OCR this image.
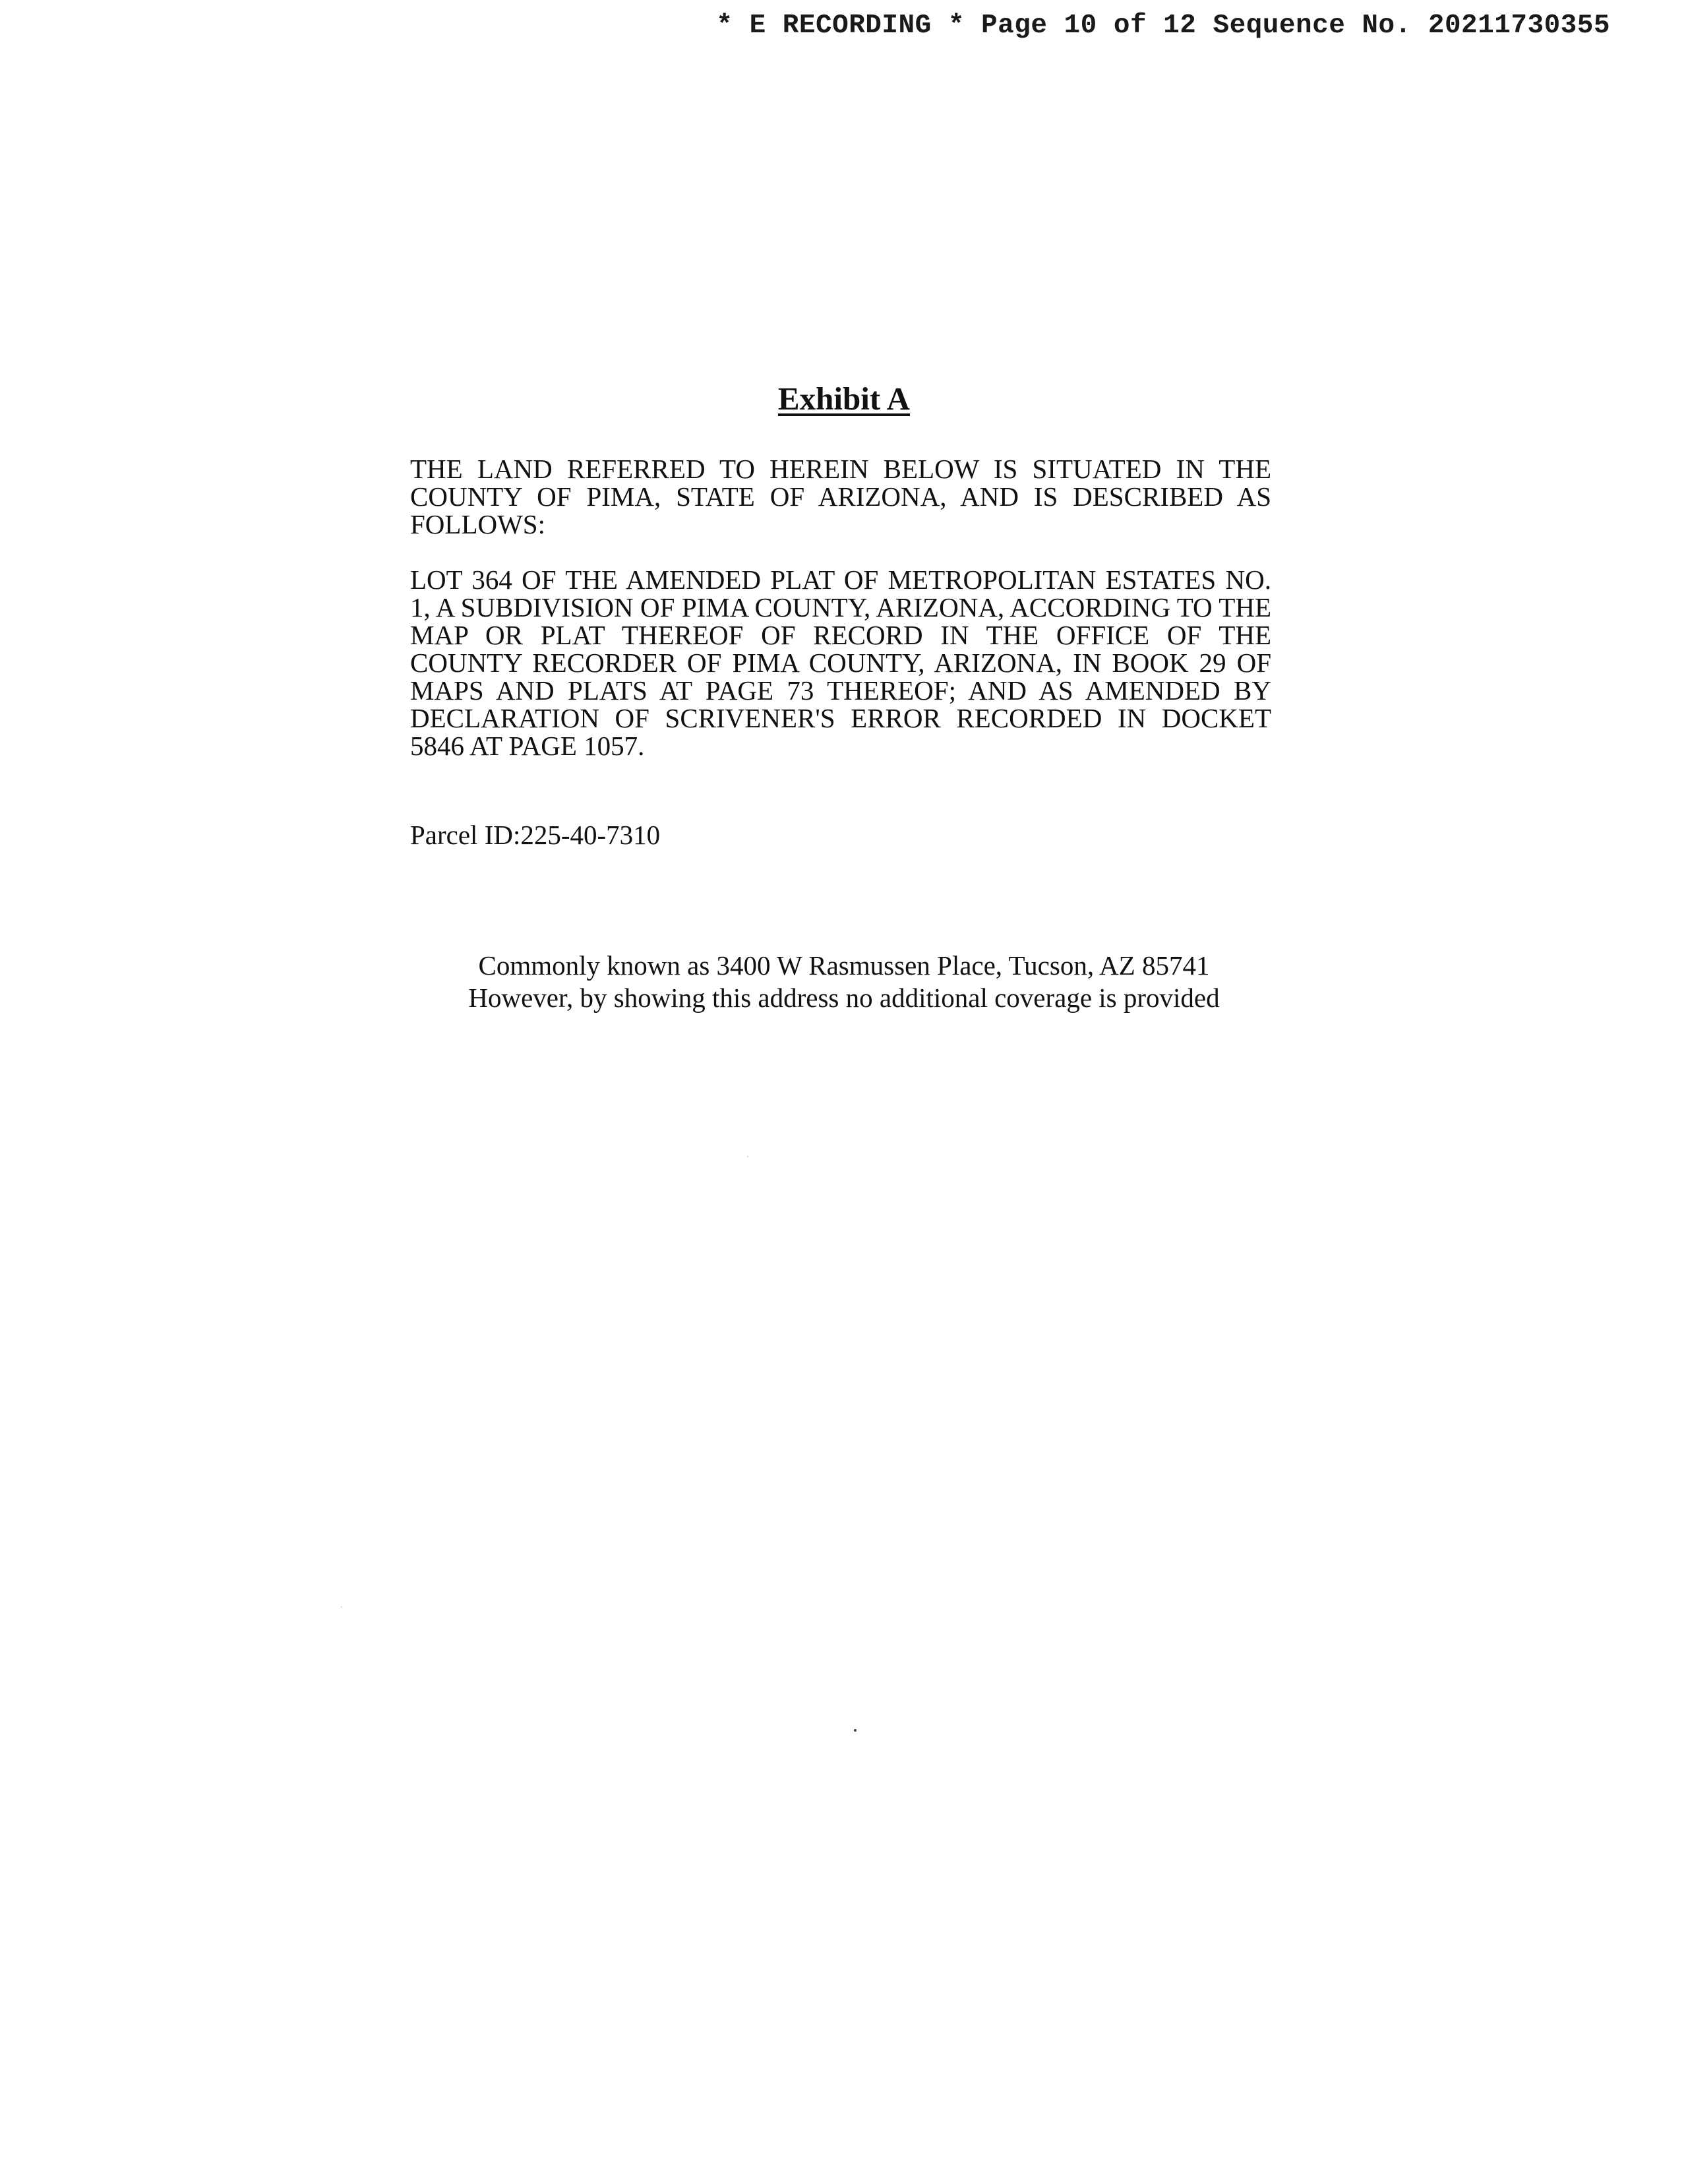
* E RECORDING * Page 10 of 12 Sequence No. 20211730355
Exhibit A
THE LAND REFERRED TO HEREIN BELOW IS SITUATED IN THE COUNTY OF PIMA, STATE OF ARIZONA, AND IS DESCRIBED AS FOLLOWS:
LOT 364 OF THE AMENDED PLAT OF METROPOLITAN ESTATES NO. 1, A SUBDIVISION OF PIMA COUNTY, ARIZONA, ACCORDING TO THE MAP OR PLAT THEREOF OF RECORD IN THE OFFICE OF THE COUNTY RECORDER OF PIMA COUNTY, ARIZONA, IN BOOK 29 OF MAPS AND PLATS AT PAGE 73 THEREOF; AND AS AMENDED BY DECLARATION OF SCRIVENER'S ERROR RECORDED IN DOCKET 5846 AT PAGE 1057.
Parcel ID:225-40-7310
Commonly known as 3400 W Rasmussen Place, Tucson, AZ 85741
However, by showing this address no additional coverage is provided
